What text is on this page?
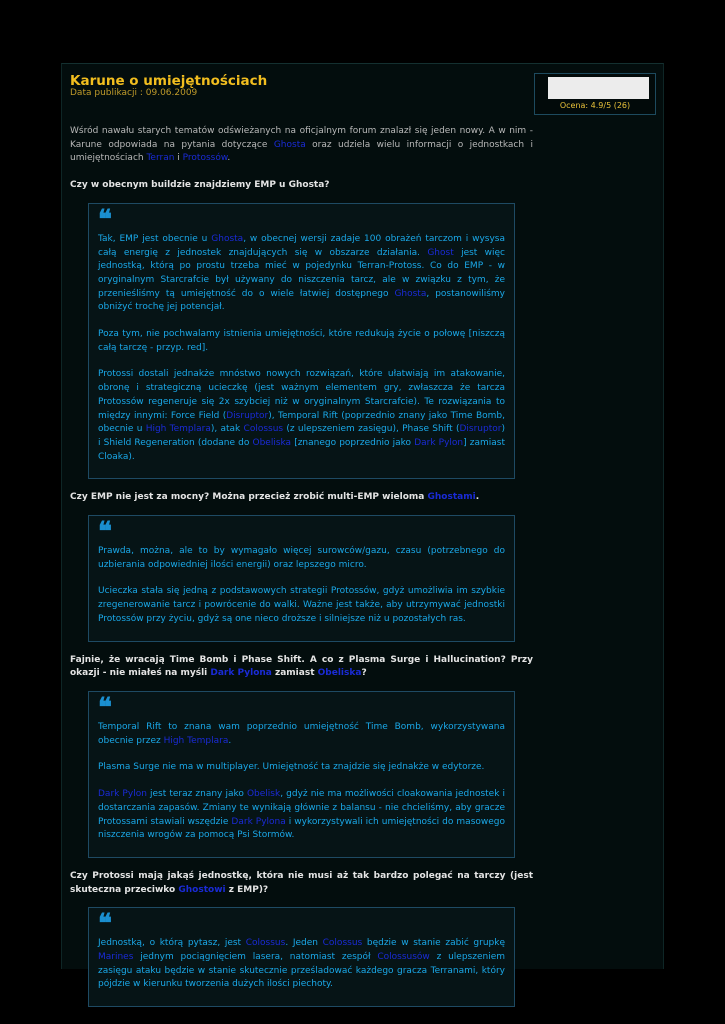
Karune o umiejętnościach
Data publikacji : 09.06.2009
Ocena: 4.9/5 (26)

Wśród nawału starych tematów odświeżanych na oficjalnym forum znalazł się jeden nowy. A w nim - Karune odpowiada na pytania dotyczące Ghosta oraz udziela wielu informacji o jednostkach i umiejętnościach Terran i Protossów.

Czy w obecnym buildzie znajdziemy EMP u Ghosta?

❝

Tak, EMP jest obecnie u Ghosta, w obecnej wersji zadaje 100 obrażeń tarczom i wysysa całą energię z jednostek znajdujących się w obszarze działania. Ghost jest więc jednostką, którą po prostu trzeba mieć w pojedynku Terran-Protoss. Co do EMP - w oryginalnym Starcrafcie był używany do niszczenia tarcz, ale w związku z tym, że przenieśliśmy tą umiejętność do o wiele łatwiej dostępnego Ghosta, postanowiliśmy obniżyć trochę jej potencjał.

Poza tym, nie pochwalamy istnienia umiejętności, które redukują życie o połowę [niszczą całą tarczę - przyp. red].

Protossi dostali jednakże mnóstwo nowych rozwiązań, które ułatwiają im atakowanie, obronę i strategiczną ucieczkę (jest ważnym elementem gry, zwłaszcza że tarcza Protossów regeneruje się 2x szybciej niż w oryginalnym Starcrafcie). Te rozwiązania to między innymi: Force Field (Disruptor), Temporal Rift (poprzednio znany jako Time Bomb, obecnie u High Templara), atak Colossus (z ulepszeniem zasięgu), Phase Shift (Disruptor) i Shield Regeneration (dodane do Obeliska [znanego poprzednio jako Dark Pylon] zamiast Cloaka).

Czy EMP nie jest za mocny? Można przecież zrobić multi-EMP wieloma Ghostami.

❝

Prawda, można, ale to by wymagało więcej surowców/gazu, czasu (potrzebnego do uzbierania odpowiedniej ilości energii) oraz lepszego micro.

Ucieczka stała się jedną z podstawowych strategii Protossów, gdyż umożliwia im szybkie zregenerowanie tarcz i powrócenie do walki. Ważne jest także, aby utrzymywać jednostki Protossów przy życiu, gdyż są one nieco droższe i silniejsze niż u pozostałych ras.

Fajnie, że wracają Time Bomb i Phase Shift. A co z Plasma Surge i Hallucination? Przy okazji - nie miałeś na myśli Dark Pylona zamiast Obeliska?

❝

Temporal Rift to znana wam poprzednio umiejętność Time Bomb, wykorzystywana obecnie przez High Templara.

Plasma Surge nie ma w multiplayer. Umiejętność ta znajdzie się jednakże w edytorze.

Dark Pylon jest teraz znany jako Obelisk, gdyż nie ma możliwości cloakowania jednostek i dostarczania zapasów. Zmiany te wynikają głównie z balansu - nie chcieliśmy, aby gracze Protossami stawiali wszędzie Dark Pylona i wykorzystywali ich umiejętności do masowego niszczenia wrogów za pomocą Psi Stormów.

Czy Protossi mają jakąś jednostkę, która nie musi aż tak bardzo polegać na tarczy (jest skuteczna przeciwko Ghostowi z EMP)?

❝

Jednostką, o którą pytasz, jest Colossus. Jeden Colossus będzie w stanie zabić grupkę Marines jednym pociągnięciem lasera, natomiast zespół Colossusów z ulepszeniem zasięgu ataku będzie w stanie skutecznie prześladować każdego gracza Terranami, który pójdzie w kierunku tworzenia dużych ilości piechoty.
